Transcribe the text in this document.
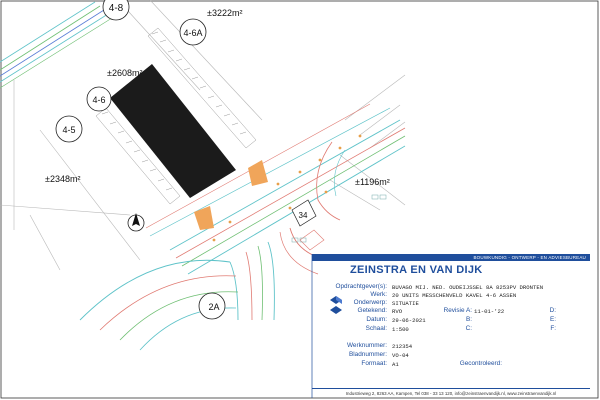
4-8
4-6A
4-6
4-5
34
2A
±3222m²
±2608m²
±2348m²	±1196m²
BOUWKUNDIG - ONTWERP - EN ADVIESBUREAU
ZEINSTRA EN VAN DIJK
Opdrachtgever(s):
Werk:
Onderwerp:
Getekend:
Datum:
Schaal:
BUVAGO MIJ. NED. OUDEIJSSEL 8A 8253PV DRONTEN
20 UNITS MESSCHENVELD KAVEL 4-6 ASSEN
SITUATIE
RVO
29-06-2021
1:500
Revisie A: 11-01-'22
B:
C:
D:
E:
F:
Werknummer:
Bladnummer:
Formaat:
212354
VO-04
A1	Gecontroleerd:
Industrieweg 2, 8263 AA, Kampen, Tel 038 - 33 13 120, info@zeinstraenvandijk.nl, www.zeinstraenvandijk.nl
